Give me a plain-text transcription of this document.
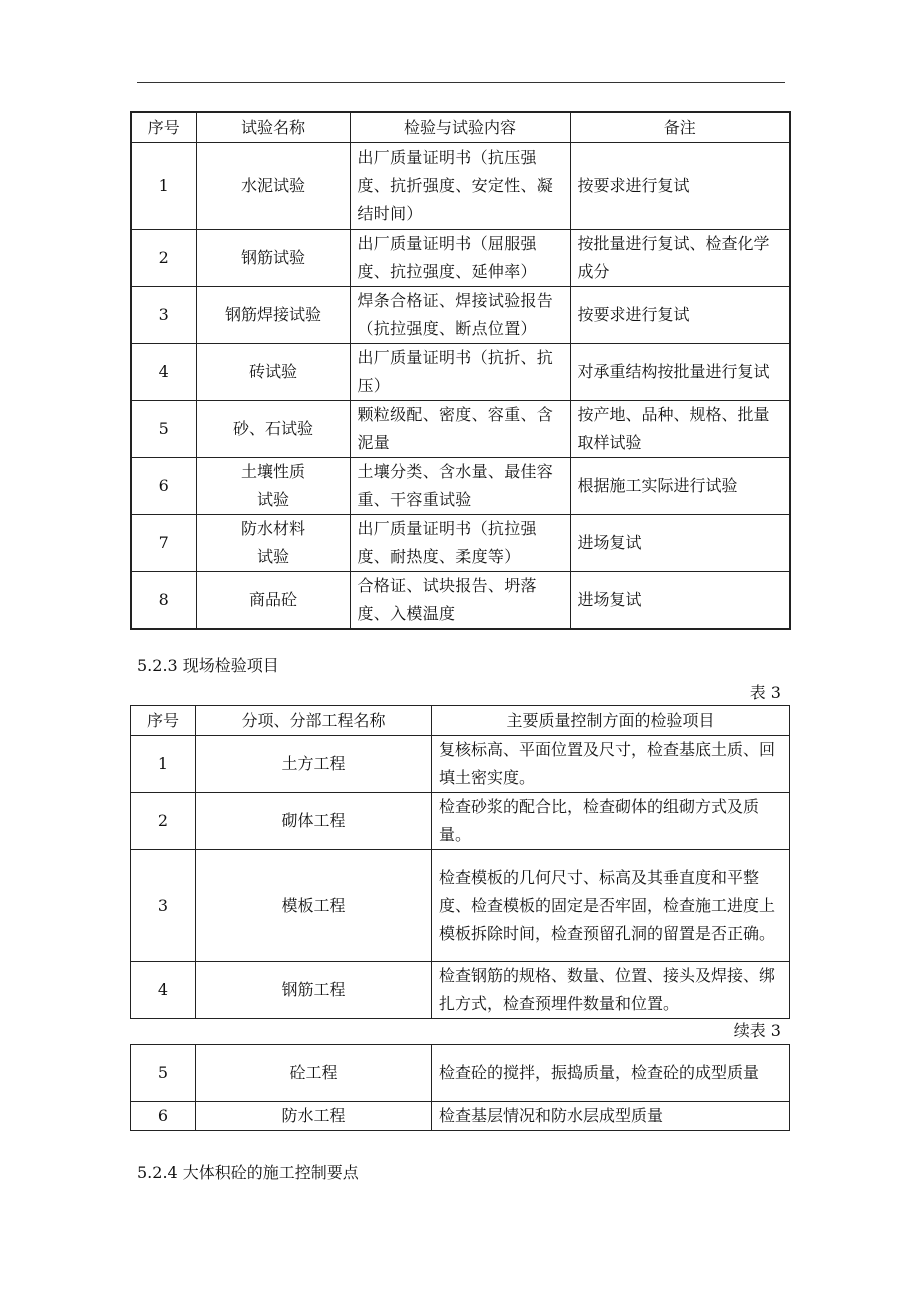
序号	试验名称	检验与试验内容	备注
1	水泥试验	出厂质量证明书（抗压强度、抗折强度、安定性、凝结时间）	按要求进行复试
2	钢筋试验	出厂质量证明书（屈服强度、抗拉强度、延伸率）	按批量进行复试、检查化学成分
3	钢筋焊接试验	焊条合格证、焊接试验报告（抗拉强度、断点位置）	按要求进行复试
4	砖试验	出厂质量证明书（抗折、抗压）	对承重结构按批量进行复试
5	砂、石试验	颗粒级配、密度、容重、含泥量	按产地、品种、规格、批量取样试验
6	土壤性质试验	土壤分类、含水量、最佳容重、干容重试验	根据施工实际进行试验
7	防水材料试验	出厂质量证明书（抗拉强度、耐热度、柔度等）	进场复试
8	商品砼	合格证、试块报告、坍落度、入模温度	进场复试
5.2.3 现场检验项目
表 3
序号	分项、分部工程名称	主要质量控制方面的检验项目
1	土方工程	复核标高、平面位置及尺寸，检查基底土质、回填土密实度。
2	砌体工程	检查砂浆的配合比，检查砌体的组砌方式及质量。
3	模板工程	检查模板的几何尺寸、标高及其垂直度和平整度、检查模板的固定是否牢固，检查施工进度上模板拆除时间，检查预留孔洞的留置是否正确。
4	钢筋工程	检查钢筋的规格、数量、位置、接头及焊接、绑扎方式，检查预埋件数量和位置。
续表 3
5	砼工程	检查砼的搅拌，振捣质量，检查砼的成型质量
6	防水工程	检查基层情况和防水层成型质量
5.2.4 大体积砼的施工控制要点
